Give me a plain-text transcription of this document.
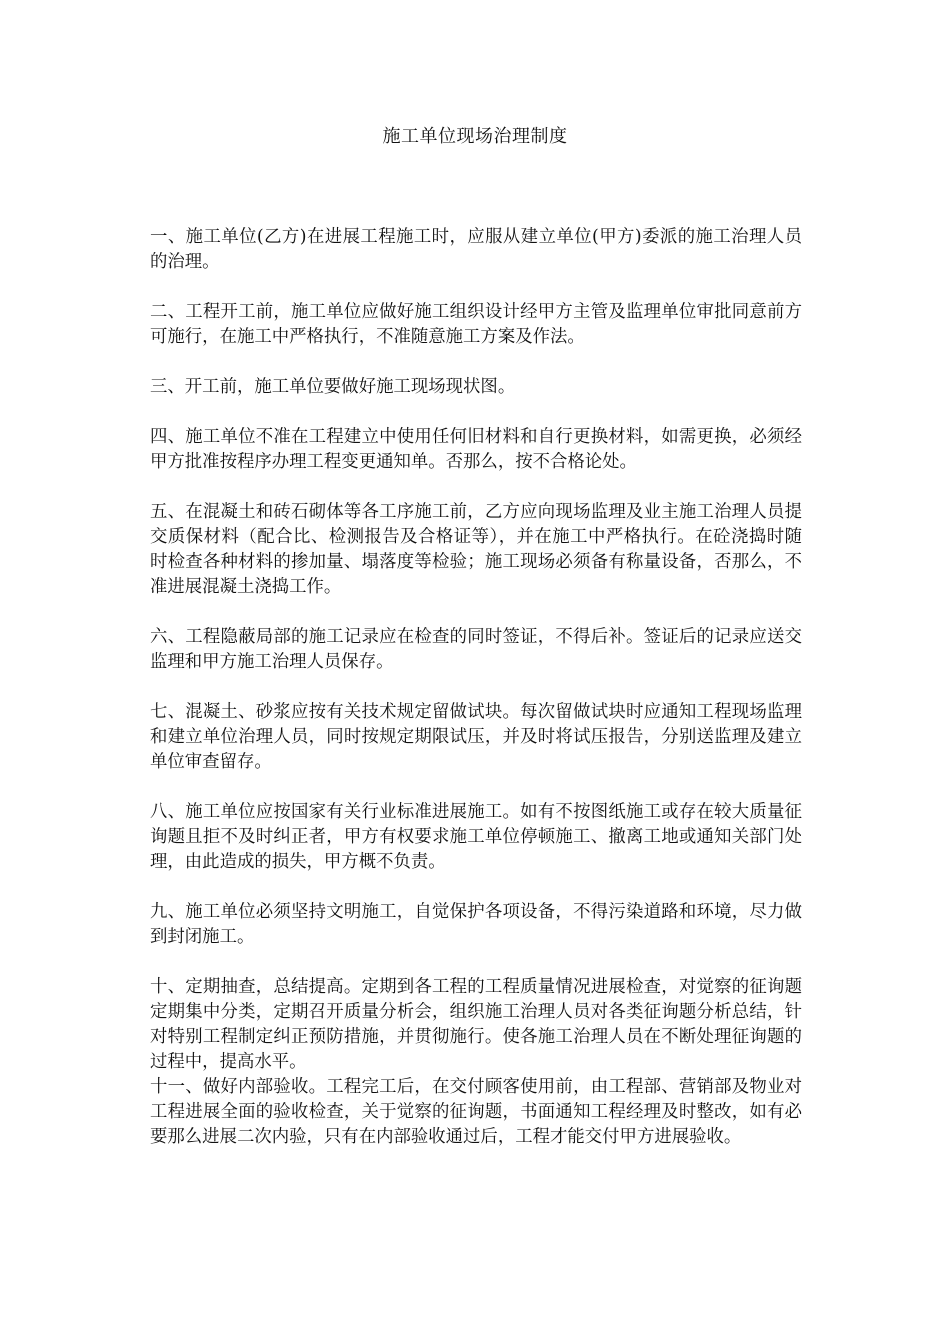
施工单位现场治理制度

一、施工单位(乙方)在进展工程施工时，应服从建立单位(甲方)委派的施工治理人员的治理。

二、工程开工前，施工单位应做好施工组织设计经甲方主管及监理单位审批同意前方可施行，在施工中严格执行，不准随意施工方案及作法。

三、开工前，施工单位要做好施工现场现状图。

四、施工单位不准在工程建立中使用任何旧材料和自行更换材料，如需更换，必须经甲方批准按程序办理工程变更通知单。否那么，按不合格论处。

五、在混凝土和砖石砌体等各工序施工前，乙方应向现场监理及业主施工治理人员提交质保材料（配合比、检测报告及合格证等），并在施工中严格执行。在砼浇捣时随时检查各种材料的掺加量、塌落度等检验；施工现场必须备有称量设备，否那么，不准进展混凝土浇捣工作。

六、工程隐蔽局部的施工记录应在检查的同时签证，不得后补。签证后的记录应送交监理和甲方施工治理人员保存。

七、混凝土、砂浆应按有关技术规定留做试块。每次留做试块时应通知工程现场监理和建立单位治理人员，同时按规定期限试压，并及时将试压报告，分别送监理及建立单位审查留存。

八、施工单位应按国家有关行业标准进展施工。如有不按图纸施工或存在较大质量征询题且拒不及时纠正者，甲方有权要求施工单位停顿施工、撤离工地或通知关部门处理，由此造成的损失，甲方概不负责。

九、施工单位必须坚持文明施工，自觉保护各项设备，不得污染道路和环境，尽力做到封闭施工。

十、定期抽查，总结提高。定期到各工程的工程质量情况进展检查，对觉察的征询题定期集中分类，定期召开质量分析会，组织施工治理人员对各类征询题分析总结，针对特别工程制定纠正预防措施，并贯彻施行。使各施工治理人员在不断处理征询题的过程中，提高水平。

十一、做好内部验收。工程完工后，在交付顾客使用前，由工程部、营销部及物业对工程进展全面的验收检查，关于觉察的征询题，书面通知工程经理及时整改，如有必要那么进展二次内验，只有在内部验收通过后，工程才能交付甲方进展验收。
